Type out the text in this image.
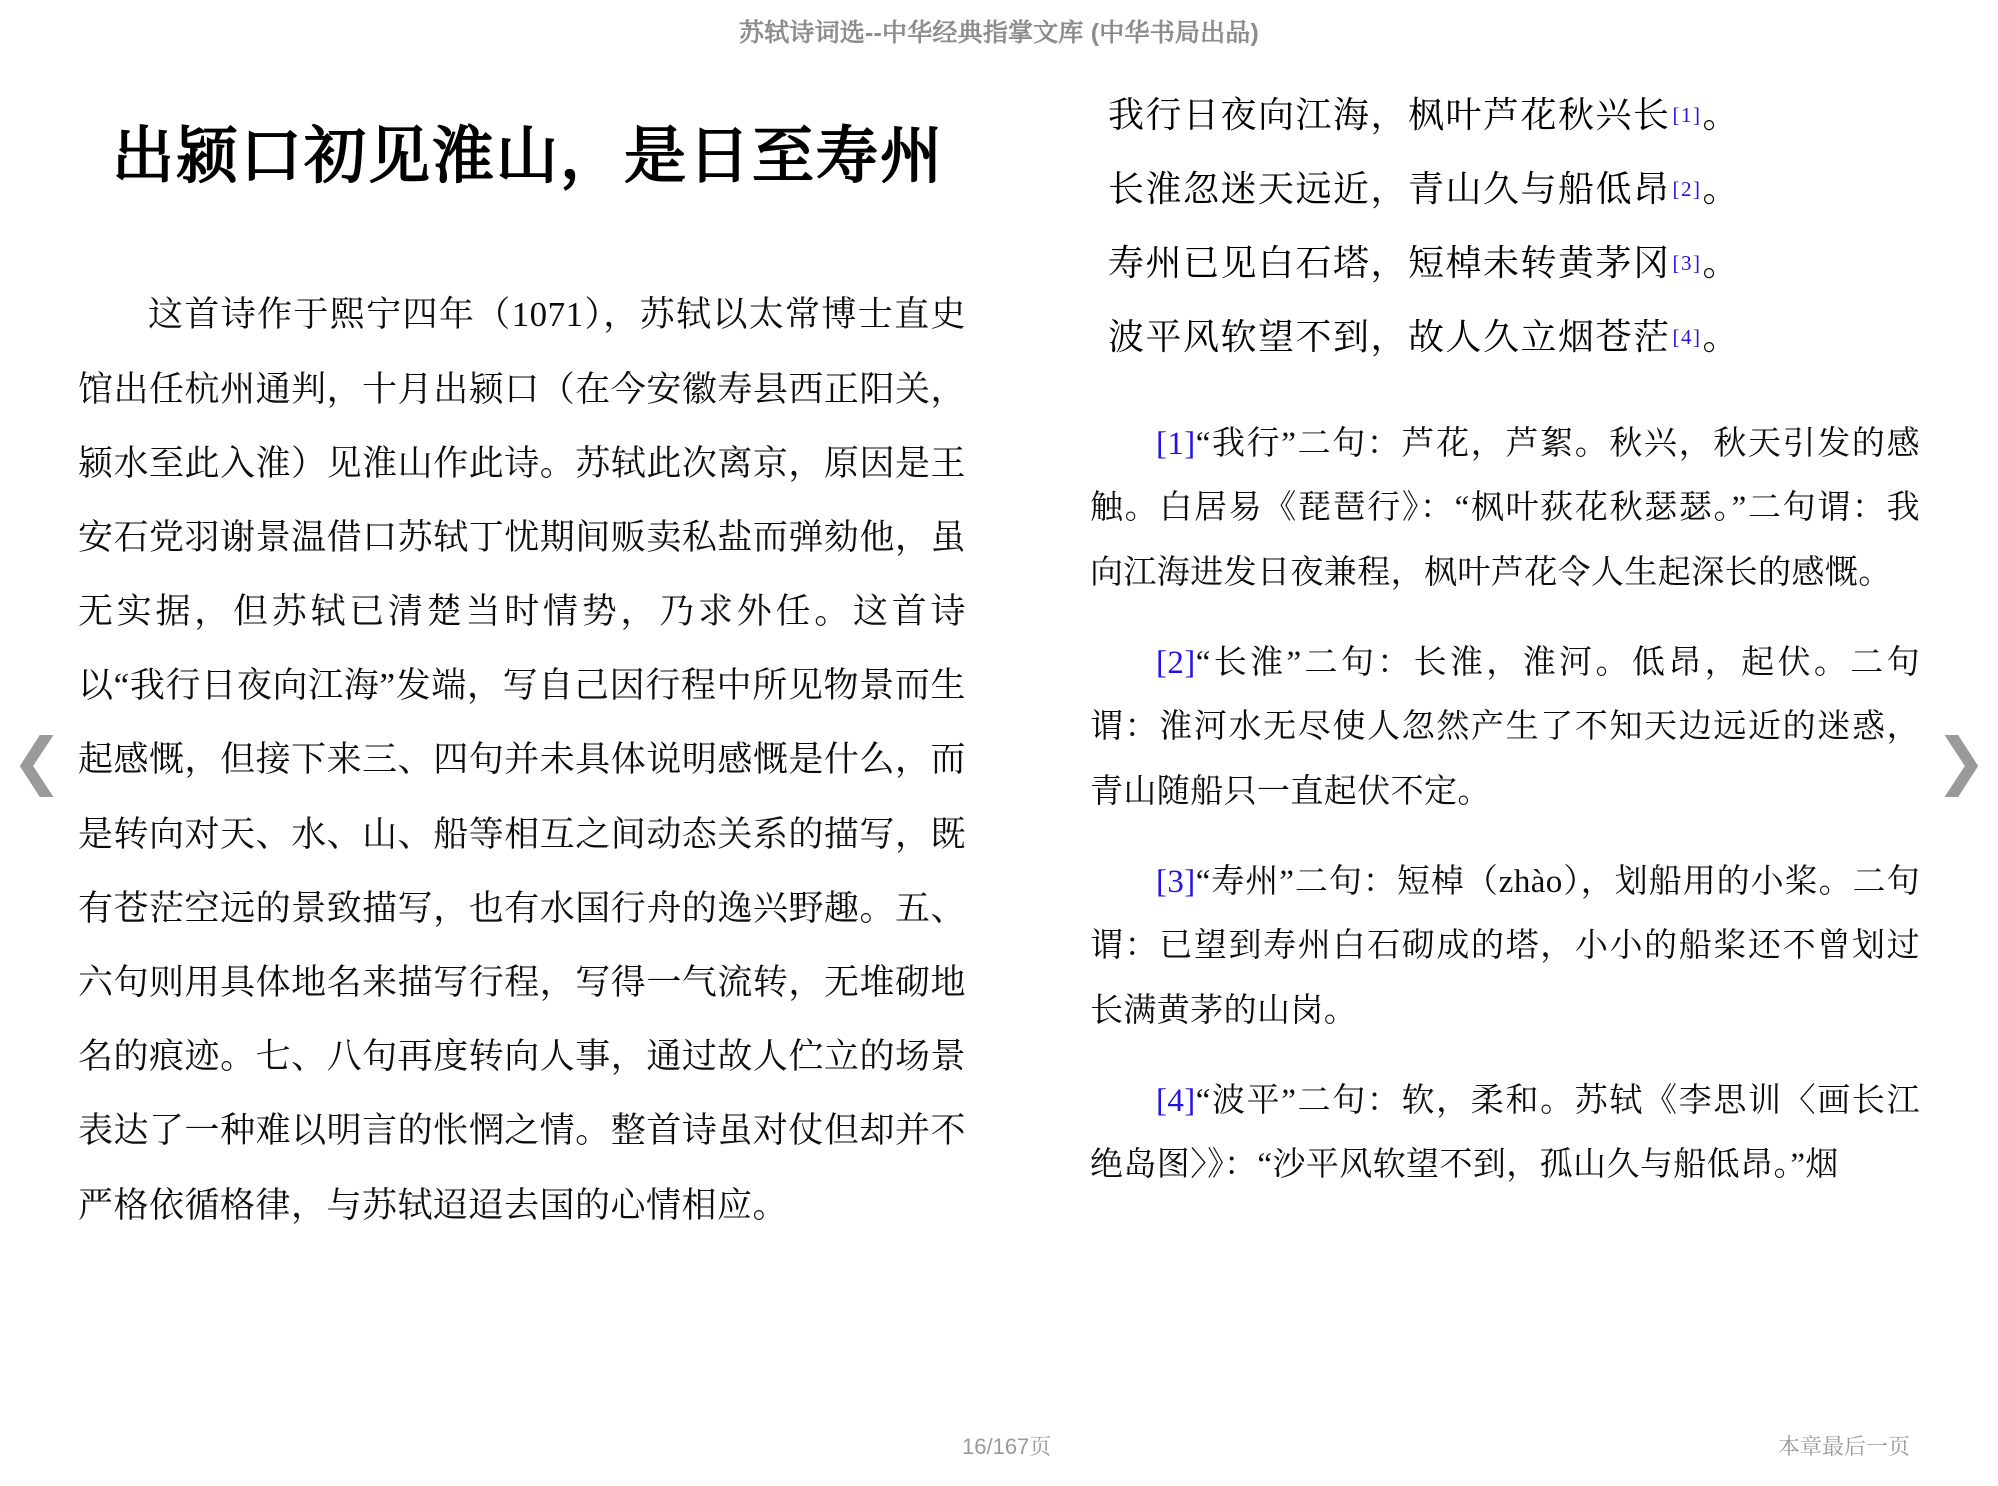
苏轼诗词选--中华经典指掌文库 (中华书局出品)
出颍口初见淮山，是日至寿州

这首诗作于熙宁四年（1071），苏轼以太常博士直史馆出任杭州通判，十月出颍口（在今安徽寿县西正阳关，颍水至此入淮）见淮山作此诗。苏轼此次离京，原因是王安石党羽谢景温借口苏轼丁忧期间贩卖私盐而弹劾他，虽无实据，但苏轼已清楚当时情势，乃求外任。这首诗以“我行日夜向江海”发端，写自己因行程中所见物景而生起感慨，但接下来三、四句并未具体说明感慨是什么，而是转向对天、水、山、船等相互之间动态关系的描写，既有苍茫空远的景致描写，也有水国行舟的逸兴野趣。五、六句则用具体地名来描写行程，写得一气流转，无堆砌地名的痕迹。七、八句再度转向人事，通过故人伫立的场景表达了一种难以明言的怅惘之情。整首诗虽对仗但却并不严格依循格律，与苏轼迢迢去国的心情相应。

我行日夜向江海，枫叶芦花秋兴长 [1] 。
长淮忽迷天远近，青山久与船低昂 [2] 。
寿州已见白石塔，短棹未转黄茅冈 [3] 。
波平风软望不到，故人久立烟苍茫 [4] 。
[1]“我行”二句：芦花，芦絮。秋兴，秋天引发的感触。白居易《琵琶行》：“枫叶荻花秋瑟瑟。”二句谓：我向江海进发日夜兼程，枫叶芦花令人生起深长的感慨。
[2]“长淮”二句：长淮，淮河。低昂，起伏。二句谓：淮河水无尽使人忽然产生了不知天边远近的迷惑，青山随船只一直起伏不定。
[3]“寿州”二句：短棹（zhào），划船用的小桨。二句谓：已望到寿州白石砌成的塔，小小的船桨还不曾划过长满黄茅的山岗。
[4]“波平”二句：软，柔和。苏轼《李思训〈画长江绝岛图〉》：“沙平风软望不到，孤山久与船低昂。”烟
❮	❯
16/167页	本章最后一页
